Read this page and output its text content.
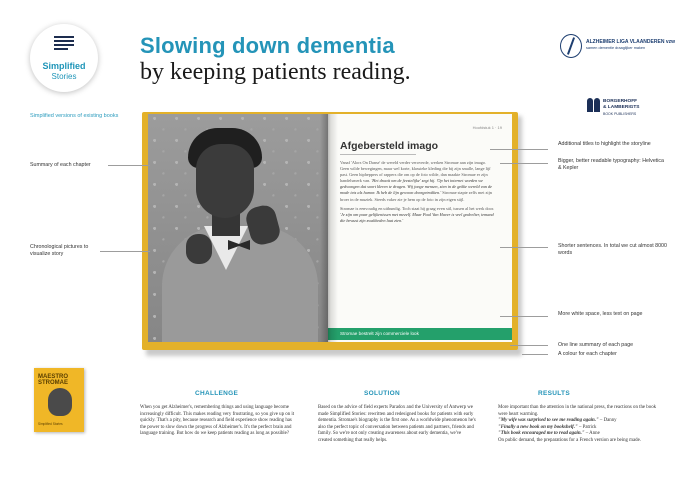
Simplified
Stories
Simplified versions of existing books
Slowing down dementia
by keeping patients reading.
ALZHEIMER LIGA VLAANDEREN vzw
samen dementie draaglijker maken
BORGERHOFF
& LAMBERIGTS
BOOK PUBLISHERS
Hoofdstuk 1 · 19
Afgebersteld imago

Vanaf 'Alors On Danse' de wereld verder veroverde, werken Stromae aan zijn imago. Geen wilde bewegingen, maar wel korte, klassieke kleding die bij zijn smalle, lange lijf past. Geen hipheppers of rappers die om op de foto wilde, dan maakte Stromae er zijn handelsmerk van. 'Het draait om de feestelijke' zegt hij. 'Op het internet worden we gedwongen dat soort kleren te dragen. Wij jonge mensen, zien in de gekke wereld van de mode iets als humor. Ik heb de lijn gewoon doorgetrokken.' Stromae stapte zelfs met zijn broer in de muziek. Steeds vaker zie je hem op de foto in zijn eigen stijl.

Stromae is eenvoudig en uitbundig. Toch staat hij graag even stil, tussen al het werk door. 'Je zijn om paar gelijkenissen met mezelf. Maar Paul Van Haver is veel gedeelter, iemand die bewust zijn zwakheden laat zien.'

Stromae bestrelt zijn commerciele look
Summary of each chapter
Chronological pictures to visualize story
Additional titles to highlight the storyline
Bigger, better readable typography: Helvetica & Kepler
Shorter sentences. In total we cut almost 8000 words
More white space, less text on page
One line summary of each page
A colour for each chapter
MAESTRO
STROMAE
Simplified Stories
CHALLENGE
When you get Alzheimer's, remembering things and using language become increasingly difficult. This makes reading very frustrating, so you give up on it quickly. That's a pity, because research and field experience show reading has the power to slow down the progress of Alzheimer's. It's the perfect brain and language training. But how do we keep patients reading as long as possible?
SOLUTION
Based on the advice of field experts Paradox and the University of Antwerp we made Simplified Stories: rewritten and redesigned books for patients with early dementia. Stromae's biography is the first one. As a worldwide phenomenon he's also the perfect topic of conversation between patients and partners, friends and family. So we're not only creating awareness about early dementia, we've created something that really helps.
RESULTS
More important than the attention in the national press, the reactions on the book were heart warming.
"My wife was surprised to see me reading again." – Danny
"Finally a new book on my bookshelf." – Patrick
"This book encouraged me to read again." – Anne
On public demand, the preparations for a French version are being made.
